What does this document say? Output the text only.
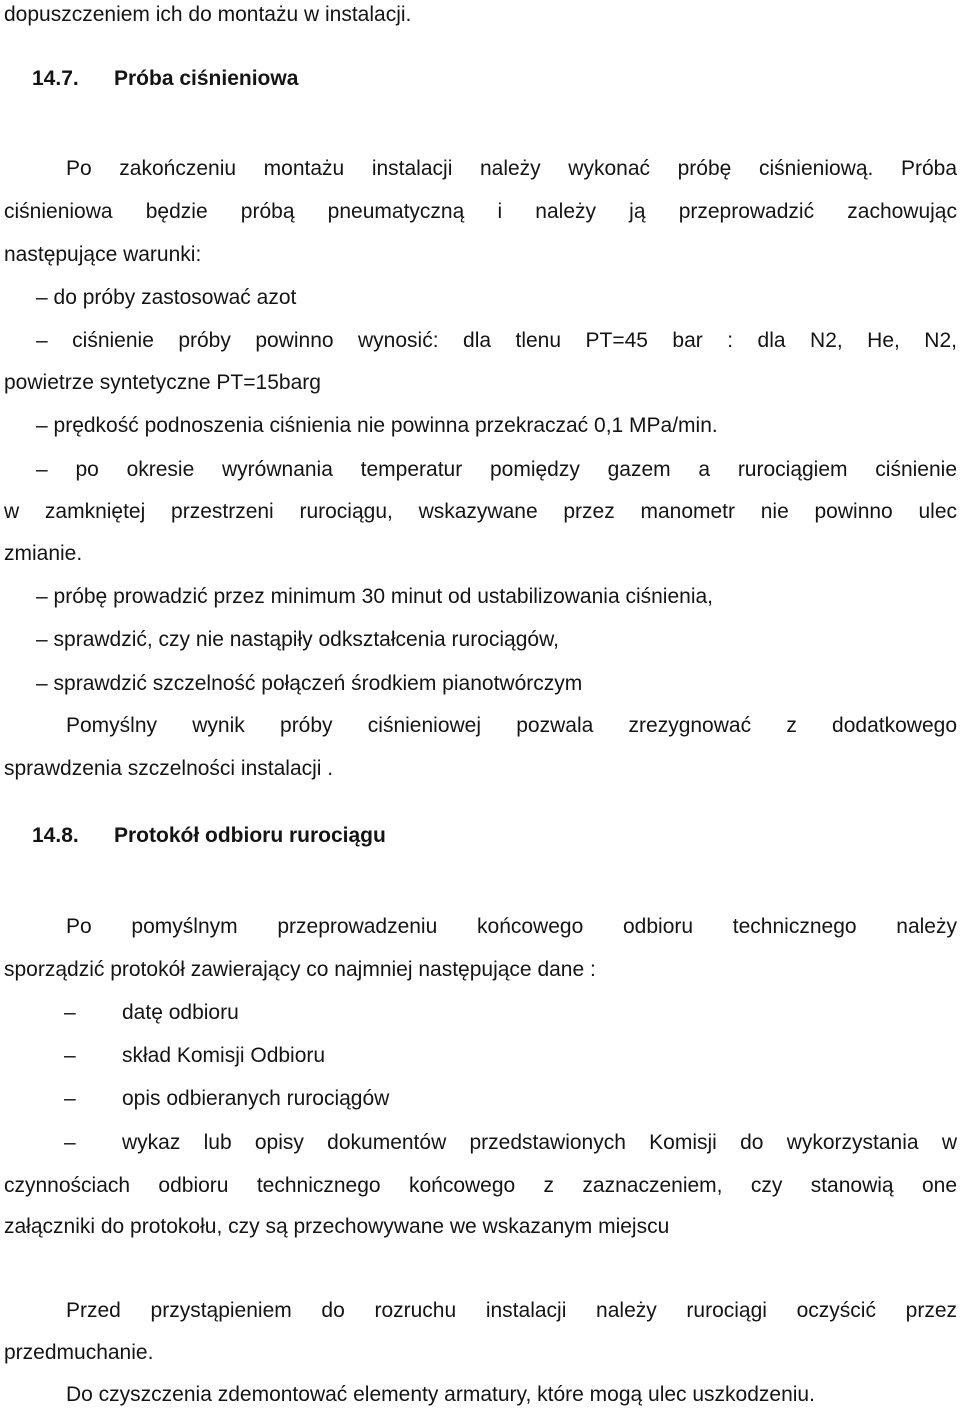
dopuszczeniem ich do montażu w instalacji.
14.7.	Próba ciśnieniowa
Po zakończeniu montażu instalacji należy wykonać próbę ciśnieniową. Próba
ciśnieniowa będzie próbą pneumatyczną i należy ją przeprowadzić zachowując
następujące warunki:
– do próby zastosować azot
– ciśnienie próby powinno wynosić: dla tlenu PT=45 bar : dla N2, He, N2,
powietrze syntetyczne PT=15barg
– prędkość podnoszenia ciśnienia nie powinna przekraczać 0,1 MPa/min.
– po okresie wyrównania temperatur pomiędzy gazem a rurociągiem ciśnienie
w zamkniętej przestrzeni rurociągu, wskazywane przez manometr nie powinno ulec
zmianie.
– próbę prowadzić przez minimum 30 minut od ustabilizowania ciśnienia,
– sprawdzić, czy nie nastąpiły odkształcenia rurociągów,
– sprawdzić szczelność połączeń środkiem pianotwórczym
Pomyślny wynik próby ciśnieniowej pozwala zrezygnować z dodatkowego
sprawdzenia szczelności instalacji .
14.8.	Protokół odbioru rurociągu
Po pomyślnym przeprowadzeniu końcowego odbioru technicznego należy
sporządzić protokół zawierający co najmniej następujące dane :
–	datę odbioru
–	skład Komisji Odbioru
–	opis odbieranych rurociągów
–	wykaz lub opisy dokumentów przedstawionych Komisji do wykorzystania w
czynnościach odbioru technicznego końcowego z zaznaczeniem, czy stanowią one
załączniki do protokołu, czy są przechowywane we wskazanym miejscu
Przed przystąpieniem do rozruchu instalacji należy rurociągi oczyścić przez
przedmuchanie.
Do czyszczenia zdemontować elementy armatury, które mogą ulec uszkodzeniu.
